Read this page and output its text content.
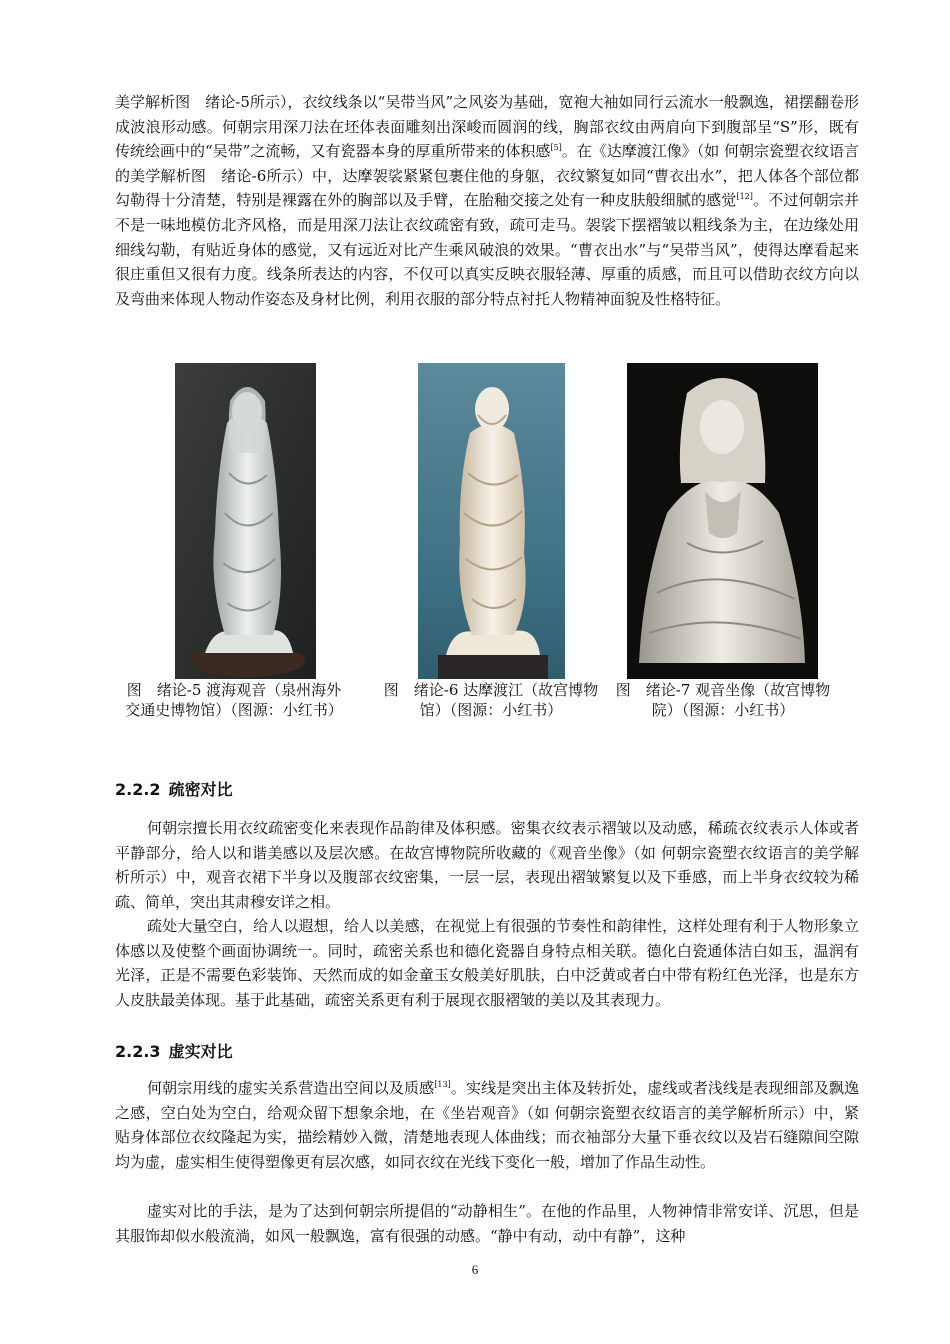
美学解析图　绪论-5所示），衣纹线条以“吴带当风”之风姿为基础，宽袍大袖如同行云流水一般飘逸，裙摆翻卷形成波浪形动感。何朝宗用深刀法在坯体表面雕刻出深峻而圆润的线，胸部衣纹由两肩向下到腹部呈“S”形，既有传统绘画中的“吴带”之流畅，又有瓷器本身的厚重所带来的体积感[5]。在《达摩渡江像》（如 何朝宗瓷塑衣纹语言的美学解析图　绪论-6所示）中，达摩袈裟紧紧包裹住他的身躯，衣纹繁复如同“曹衣出水”，把人体各个部位都勾勒得十分清楚，特别是裸露在外的胸部以及手臂，在胎釉交接之处有一种皮肤般细腻的感觉[12]。不过何朝宗并不是一味地模仿北齐风格，而是用深刀法让衣纹疏密有致，疏可走马。袈裟下摆褶皱以粗线条为主，在边缘处用细线勾勒，有贴近身体的感觉，又有远近对比产生乘风破浪的效果。“曹衣出水”与“吴带当风”，使得达摩看起来很庄重但又很有力度。线条所表达的内容，不仅可以真实反映衣服轻薄、厚重的质感，而且可以借助衣纹方向以及弯曲来体现人物动作姿态及身材比例，利用衣服的部分特点衬托人物精神面貌及性格特征。

图　绪论-5 渡海观音（泉州海外交通史博物馆）（图源：小红书）
图　绪论-6 达摩渡江（故宫博物馆）（图源：小红书）
图　绪论-7 观音坐像（故宫博物院）（图源：小红书）
2.2.2 疏密对比

何朝宗擅长用衣纹疏密变化来表现作品韵律及体积感。密集衣纹表示褶皱以及动感，稀疏衣纹表示人体或者平静部分，给人以和谐美感以及层次感。在故宫博物院所收藏的《观音坐像》（如 何朝宗瓷塑衣纹语言的美学解析所示）中，观音衣裙下半身以及腹部衣纹密集，一层一层，表现出褶皱繁复以及下垂感，而上半身衣纹较为稀疏、简单，突出其肃穆安详之相。

疏处大量空白，给人以遐想，给人以美感，在视觉上有很强的节奏性和韵律性，这样处理有利于人物形象立体感以及使整个画面协调统一。同时，疏密关系也和德化瓷器自身特点相关联。德化白瓷通体洁白如玉，温润有光泽，正是不需要色彩装饰、天然而成的如金童玉女般美好肌肤，白中泛黄或者白中带有粉红色光泽，也是东方人皮肤最美体现。基于此基础，疏密关系更有利于展现衣服褶皱的美以及其表现力。

2.2.3 虚实对比

何朝宗用线的虚实关系营造出空间以及质感[13]。实线是突出主体及转折处，虚线或者浅线是表现细部及飘逸之感，空白处为空白，给观众留下想象余地，在《坐岩观音》（如 何朝宗瓷塑衣纹语言的美学解析所示）中，紧贴身体部位衣纹隆起为实，描绘精妙入微，清楚地表现人体曲线；而衣袖部分大量下垂衣纹以及岩石缝隙间空隙均为虚，虚实相生使得塑像更有层次感，如同衣纹在光线下变化一般，增加了作品生动性。

虚实对比的手法，是为了达到何朝宗所提倡的“动静相生”。在他的作品里，人物神情非常安详、沉思，但是其服饰却似水般流淌，如风一般飘逸，富有很强的动感。“静中有动，动中有静”，这种

6
